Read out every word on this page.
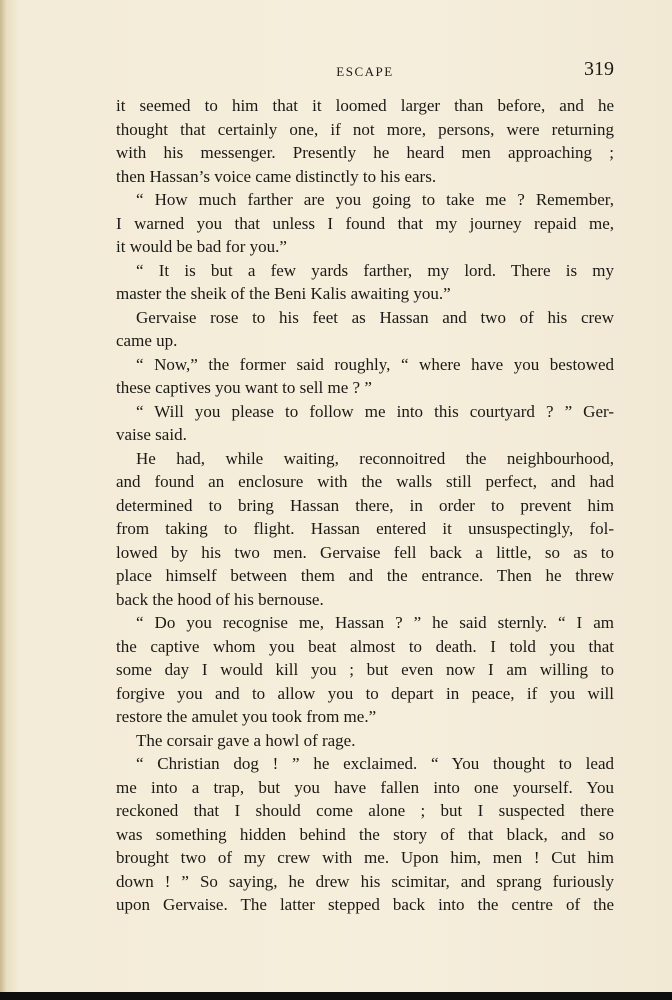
ESCAPE	319
it seemed to him that it loomed larger than before, and he
thought that certainly one, if not more, persons, were returning
with his messenger. Presently he heard men approaching ;
then Hassan’s voice came distinctly to his ears.
“ How much farther are you going to take me ? Remember,
I warned you that unless I found that my journey repaid me,
it would be bad for you.”
“ It is but a few yards farther, my lord. There is my
master the sheik of the Beni Kalis awaiting you.”
Gervaise rose to his feet as Hassan and two of his crew
came up.
“ Now,” the former said roughly, “ where have you bestowed
these captives you want to sell me ? ”
“ Will you please to follow me into this courtyard ? ” Ger-
vaise said.
He had, while waiting, reconnoitred the neighbourhood,
and found an enclosure with the walls still perfect, and had
determined to bring Hassan there, in order to prevent him
from taking to flight. Hassan entered it unsuspectingly, fol-
lowed by his two men. Gervaise fell back a little, so as to
place himself between them and the entrance. Then he threw
back the hood of his bernouse.
“ Do you recognise me, Hassan ? ” he said sternly. “ I am
the captive whom you beat almost to death. I told you that
some day I would kill you ; but even now I am willing to
forgive you and to allow you to depart in peace, if you will
restore the amulet you took from me.”
The corsair gave a howl of rage.
“ Christian dog ! ” he exclaimed. “ You thought to lead
me into a trap, but you have fallen into one yourself. You
reckoned that I should come alone ; but I suspected there
was something hidden behind the story of that black, and so
brought two of my crew with me. Upon him, men ! Cut him
down ! ” So saying, he drew his scimitar, and sprang furiously
upon Gervaise. The latter stepped back into the centre of the
